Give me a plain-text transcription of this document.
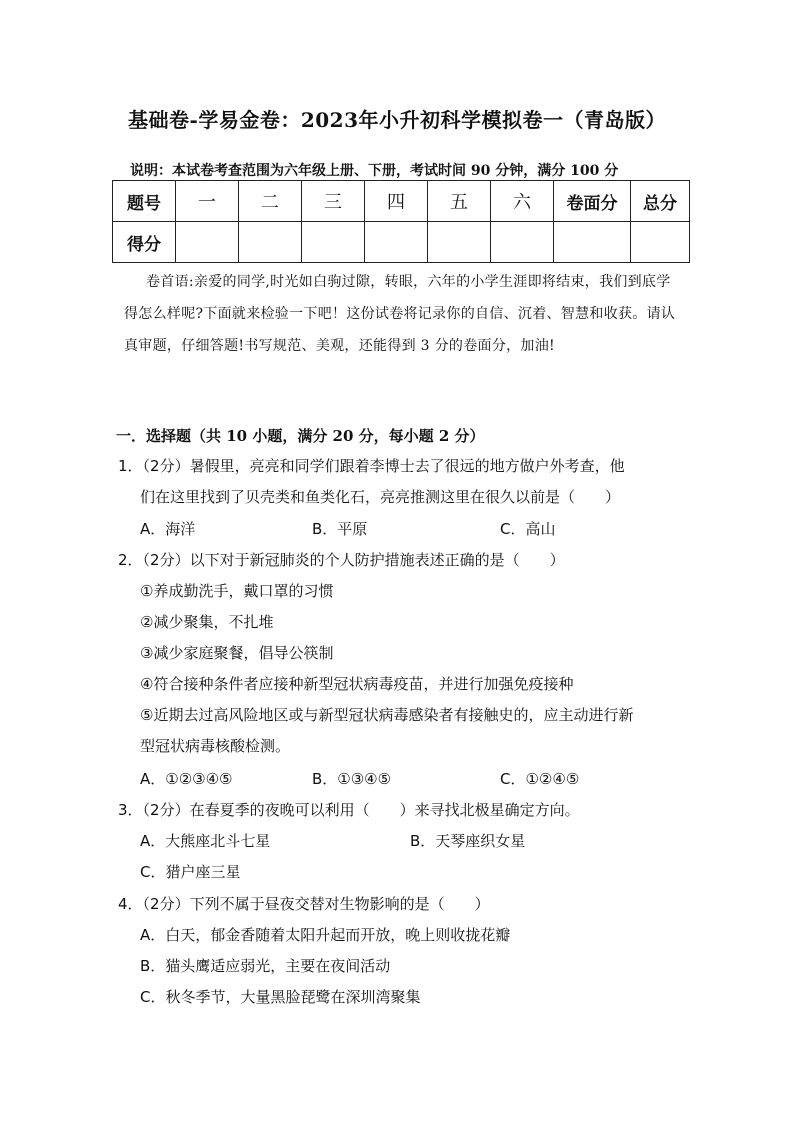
基础卷-学易金卷：2023年小升初科学模拟卷一（青岛版）
说明：本试卷考查范围为六年级上册、下册，考试时间 90 分钟，满分 100 分
题号	一	二	三	四	五	六	卷面分	总分
得分								
卷首语:亲爱的同学,时光如白驹过隙，转眼，六年的小学生涯即将结束，我们到底学得怎么样呢?下面就来检验一下吧！这份试卷将记录你的自信、沉着、智慧和收获。请认真审题，仔细答题!书写规范、美观，还能得到 3 分的卷面分，加油!
一．选择题（共 10 小题，满分 20 分，每小题 2 分）
1．（2分）暑假里，亮亮和同学们跟着李博士去了很远的地方做户外考查，他
们在这里找到了贝壳类和鱼类化石，亮亮推测这里在很久以前是（　　）
A．海洋	B．平原	C．高山
2．（2分）以下对于新冠肺炎的个人防护措施表述正确的是（　　）
①养成勤洗手，戴口罩的习惯
②减少聚集，不扎堆
③减少家庭聚餐，倡导公筷制
④符合接种条件者应接种新型冠状病毒疫苗，并进行加强免疫接种
⑤近期去过高风险地区或与新型冠状病毒感染者有接触史的，应主动进行新
型冠状病毒核酸检测。
A．①②③④⑤	B．①③④⑤	C．①②④⑤
3．（2分）在春夏季的夜晚可以利用（　　）来寻找北极星确定方向。
A．大熊座北斗七星	B．天琴座织女星
C．猎户座三星
4．（2分）下列不属于昼夜交替对生物影响的是（　　）
A．白天，郁金香随着太阳升起而开放，晚上则收拢花瓣
B．猫头鹰适应弱光，主要在夜间活动
C．秋冬季节，大量黑脸琵鹭在深圳湾聚集
